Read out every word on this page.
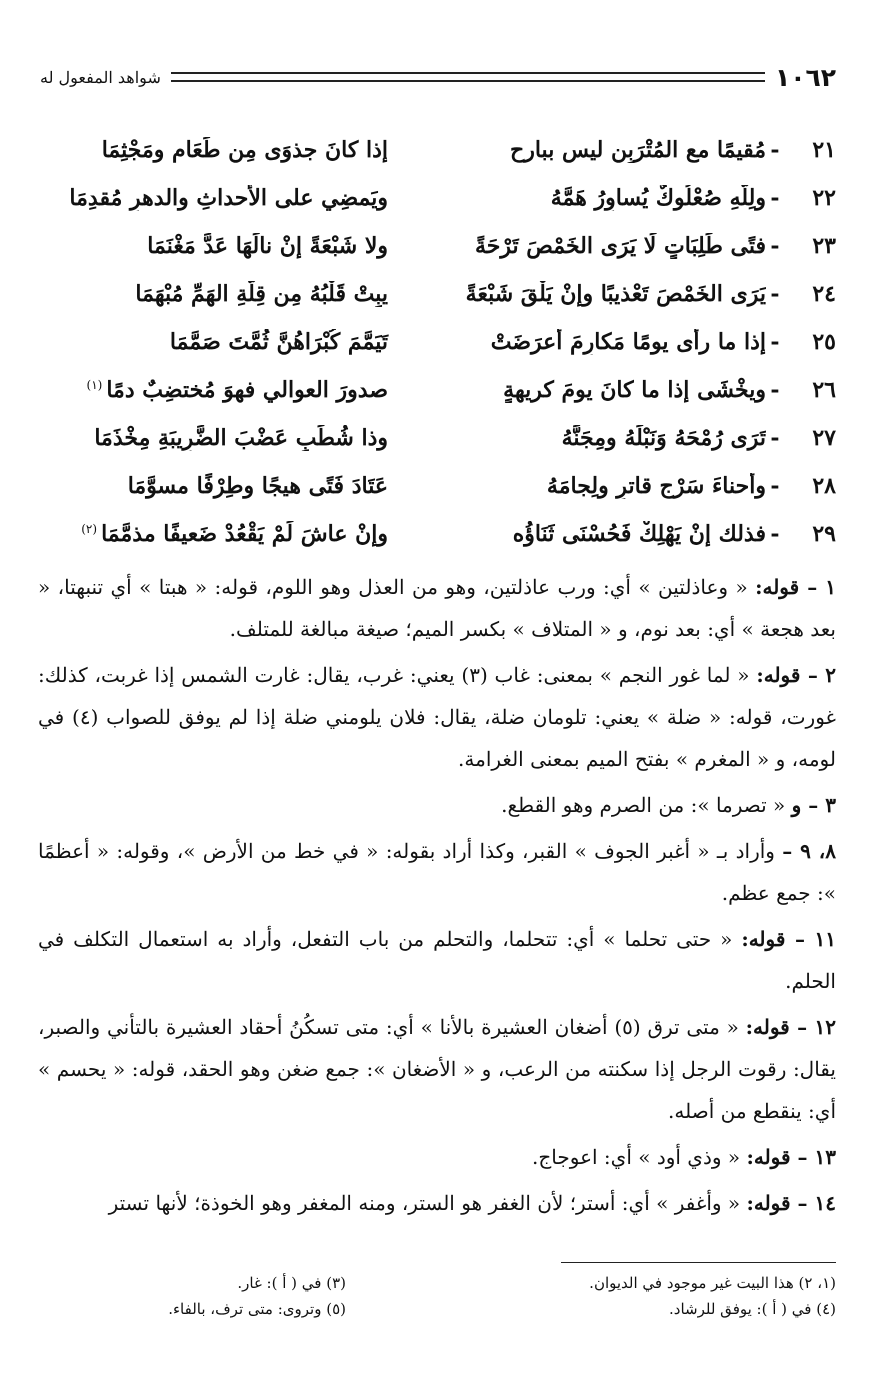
١٠٦٢
شواهد المفعول له
٢١
-
مُقيمًا مع المُتْرَبِن ليس ببارحٍ
إذا كانَ جذوَى مِن طَعَامٍ ومَجْثِمَا
٢٢
-
ولِلّهِ صُعْلُوكٌ يُساوِرُ هَمَّهُ
ويَمضِي على الأحداثِ والدهرِ مُقدِمَا
٢٣
-
فتًى طَلِبَاتٍ لَا يَرَى الخَمْصَ تَرْحَةً
ولا شَبْعَةً إنْ نالَهَا عَدَّ مَغْنَمَا
٢٤
-
يَرَى الخَمْصَ تَعْذيبًا وإنْ يَلْقَ شَبْعَةً
يبِتْ قَلْبُهُ مِن قِلَّةِ الهَمِّ مُبْهَمَا
٢٥
-
إذا ما رأى يومًا مَكارِمَ أعرَضَتْ
تَيَمَّمَ كُبْرَاهُنَّ ثُمَّتَ صَمَّمَا
٢٦
-
ويخْشَى إذا ما كانَ يومَ كريهةٍ
صدورَ العوالي فهوَ مُختضِبٌ دمًا$^{(١)}$
٢٧
-
تَرَى رُمْحَهُ وَنَبْلَهُ ومِجَنَّهُ
وذا شُطَبٍ عَضْبَ الضَّرِيبَةِ مِخْذَمَا
٢٨
-
وأحناءَ سَرْجٍ قاترٍ ولِجامَهُ
عَتَادَ فَتًى هيجًا وطِرْفًا مسوَّمَا
٢٩
-
فذلك إنْ يَهْلِكْ فَحُسْنَى ثَنَاؤُه
وإنْ عاشَ لَمْ يَقْعُدْ ضَعيفًا مذمَّمَا$^{(٢)}$

١ – قوله: « وعاذلتين » أي: ورب عاذلتين، وهو من العذل وهو اللوم، قوله: « هبتا » أي تنبهتا، « بعد هجعة » أي: بعد نوم، و « المتلاف » بكسر الميم؛ صيغة مبالغة للمتلف.

٢ – قوله: « لما غور النجم » بمعنى: غاب (٣) يعني: غرب، يقال: غارت الشمس إذا غربت، كذلك: غورت، قوله: « ضلة » يعني: تلومان ضلة، يقال: فلان يلومني ضلة إذا لم يوفق للصواب (٤) في لومه، و « المغرم » بفتح الميم بمعنى الغرامة.

٣ – و « تصرما »: من الصرم وهو القطع.

٨، ٩ – وأراد بـ « أغبر الجوف » القبر، وكذا أراد بقوله: « في خط من الأرض »، وقوله: « أعظمًا »: جمع عظم.

١١ – قوله: « حتى تحلما » أي: تتحلما، والتحلم من باب التفعل، وأراد به استعمال التكلف في الحلم.

١٢ – قوله: « متى ترق (٥) أضغان العشيرة بالأنا » أي: متى تسكُنُ أحقاد العشيرة بالتأني والصبر، يقال: رقوت الرجل إذا سكنته من الرعب، و « الأضغان »: جمع ضغن وهو الحقد، قوله: « يحسم » أي: ينقطع من أصله.

١٣ – قوله: « وذي أود » أي: اعوجاج.

١٤ – قوله: « وأغفر » أي: أستر؛ لأن الغفر هو الستر، ومنه المغفر وهو الخوذة؛ لأنها تستر

(١، ٢) هذا البيت غير موجود في الديوان.
(٣) في ( أ ): غار.
(٤) في ( أ ): يوفق للرشاد.
(٥) وتروى: متى ترف، بالفاء.
